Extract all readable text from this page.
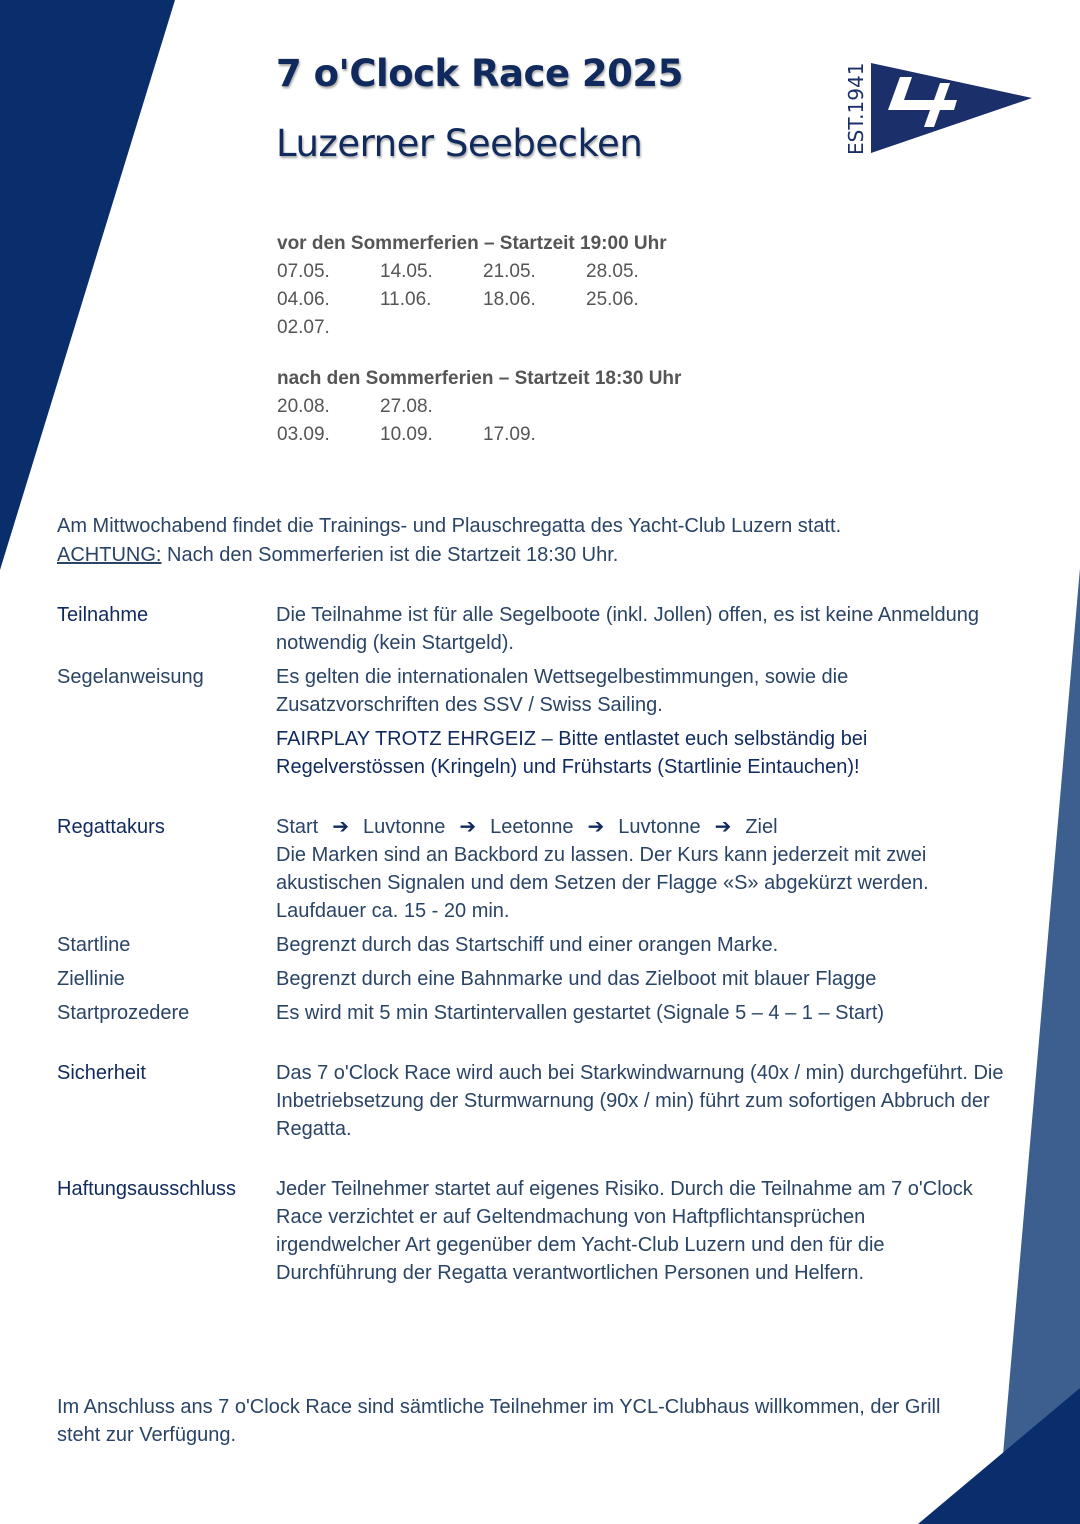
EST.1941
7 o'Clock Race 2025
Luzerner Seebecken
vor den Sommerferien – Startzeit 19:00 Uhr
07.05.	14.05.	21.05.	28.05.
04.06.	11.06.	18.06.	25.06.
02.07.
nach den Sommerferien – Startzeit 18:30 Uhr
20.08.	27.08.
03.09.	10.09.	17.09.
Am Mittwochabend findet die Trainings- und Plauschregatta des Yacht-Club Luzern statt.
ACHTUNG: Nach den Sommerferien ist die Startzeit 18:30 Uhr.
Teilnahme	Die Teilnahme ist für alle Segelboote (inkl. Jollen) offen, es ist keine Anmeldung notwendig (kein Startgeld).

Segelanweisung	Es gelten die internationalen Wettsegelbestimmungen, sowie die Zusatzvorschriften des SSV / Swiss Sailing.

FAIRPLAY TROTZ EHRGEIZ – Bitte entlastet euch selbständig bei Regelverstössen (Kringeln) und Frühstarts (Startlinie Eintauchen)!

Regattakurs	Start ➔ Luvtonne ➔ Leetonne ➔ Luvtonne ➔ Ziel

Die Marken sind an Backbord zu lassen. Der Kurs kann jederzeit mit zwei akustischen Signalen und dem Setzen der Flagge «S» abgekürzt werden.

Laufdauer ca. 15 - 20 min.

Startline	Begrenzt durch das Startschiff und einer orangen Marke.

Ziellinie	Begrenzt durch eine Bahnmarke und das Zielboot mit blauer Flagge

Startprozedere	Es wird mit 5 min Startintervallen gestartet (Signale 5 – 4 – 1 – Start)

Sicherheit	Das 7 o'Clock Race wird auch bei Starkwindwarnung (40x / min) durchgeführt. Die Inbetriebsetzung der Sturmwarnung (90x / min) führt zum sofortigen Abbruch der Regatta.

Haftungsausschluss	Jeder Teilnehmer startet auf eigenes Risiko. Durch die Teilnahme am 7 o'Clock Race verzichtet er auf Geltendmachung von Haftpflichtansprüchen irgendwelcher Art gegenüber dem Yacht-Club Luzern und den für die Durchführung der Regatta verantwortlichen Personen und Helfern.

Im Anschluss ans 7 o'Clock Race sind sämtliche Teilnehmer im YCL-Clubhaus willkommen, der Grill steht zur Verfügung.
